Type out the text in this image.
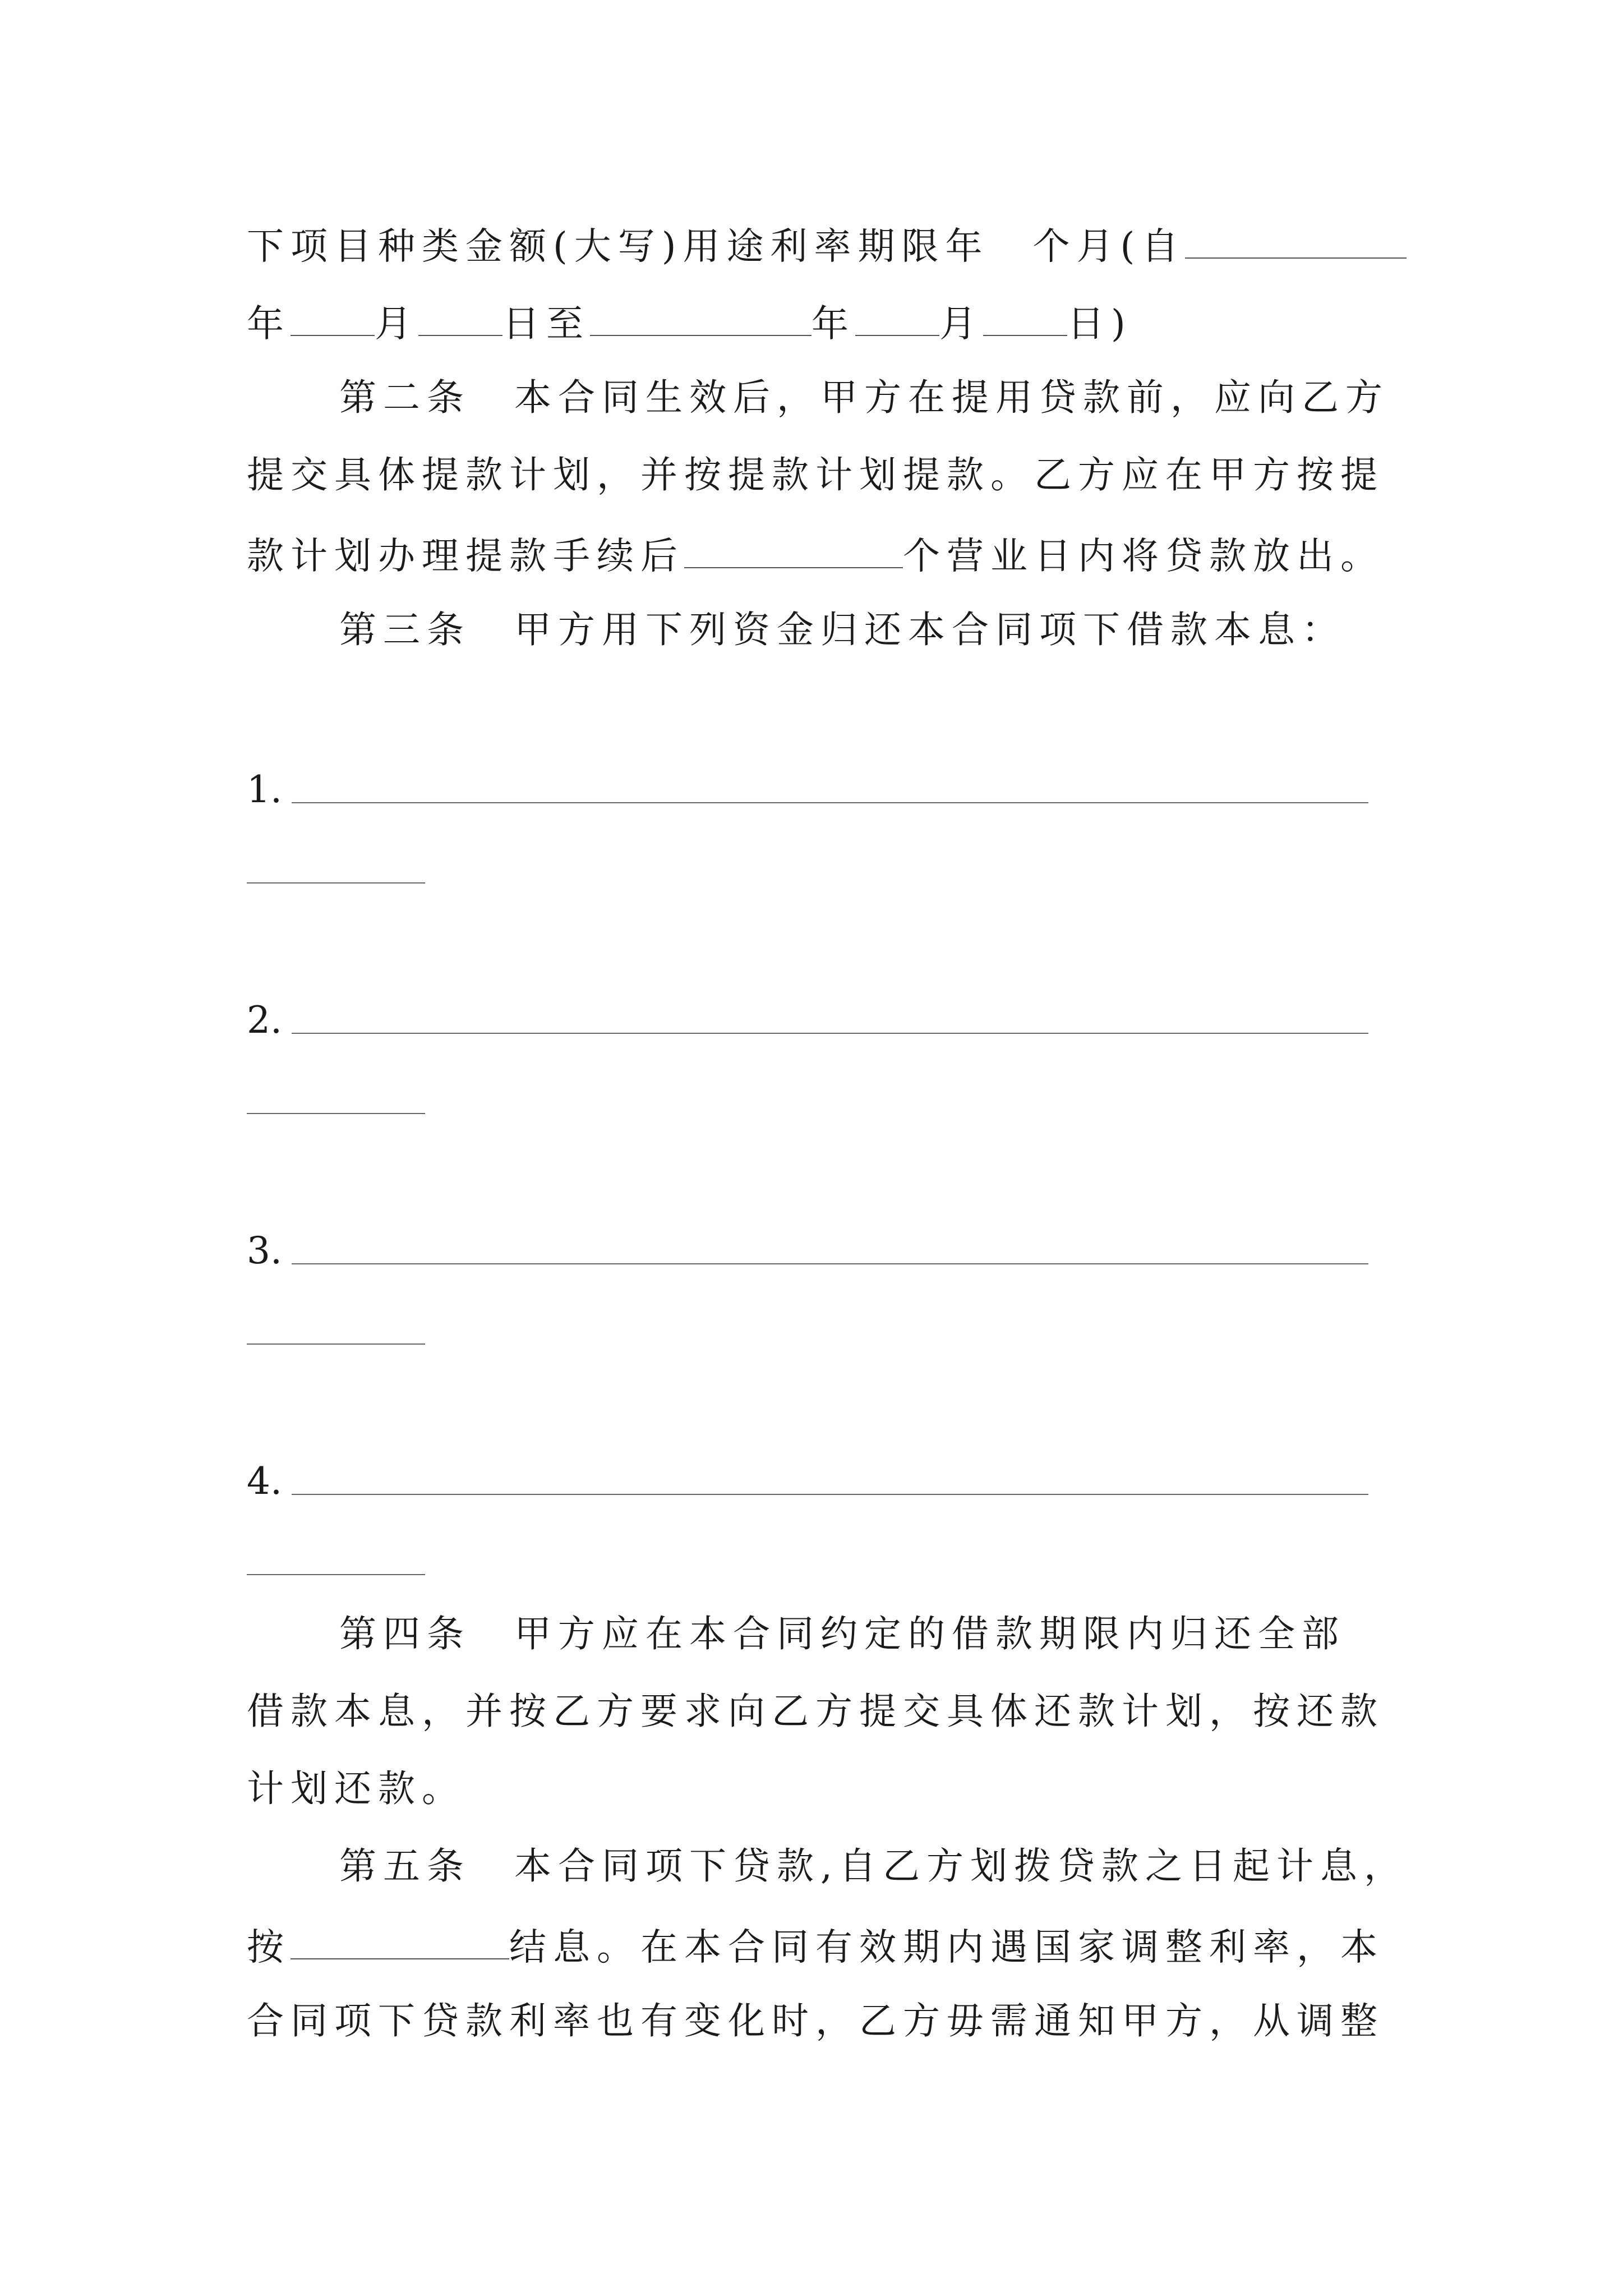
下项目种类金额(大写)用途利率期限年　个月(自
年 月 日至	年 月 日)
第二条　本合同生效后，甲方在提用贷款前，应向乙方
提交具体提款计划，并按提款计划提款。乙方应在甲方按提
款计划办理提款手续后	个营业日内将贷款放出。
第三条　甲方用下列资金归还本合同项下借款本息：
1.
2.
3.
4.
第四条　甲方应在本合同约定的借款期限内归还全部
借款本息，并按乙方要求向乙方提交具体还款计划，按还款
计划还款。
第五条　本合同项下贷款,自乙方划拨贷款之日起计息，
按	结息。在本合同有效期内遇国家调整利率，本
合同项下贷款利率也有变化时，乙方毋需通知甲方，从调整
